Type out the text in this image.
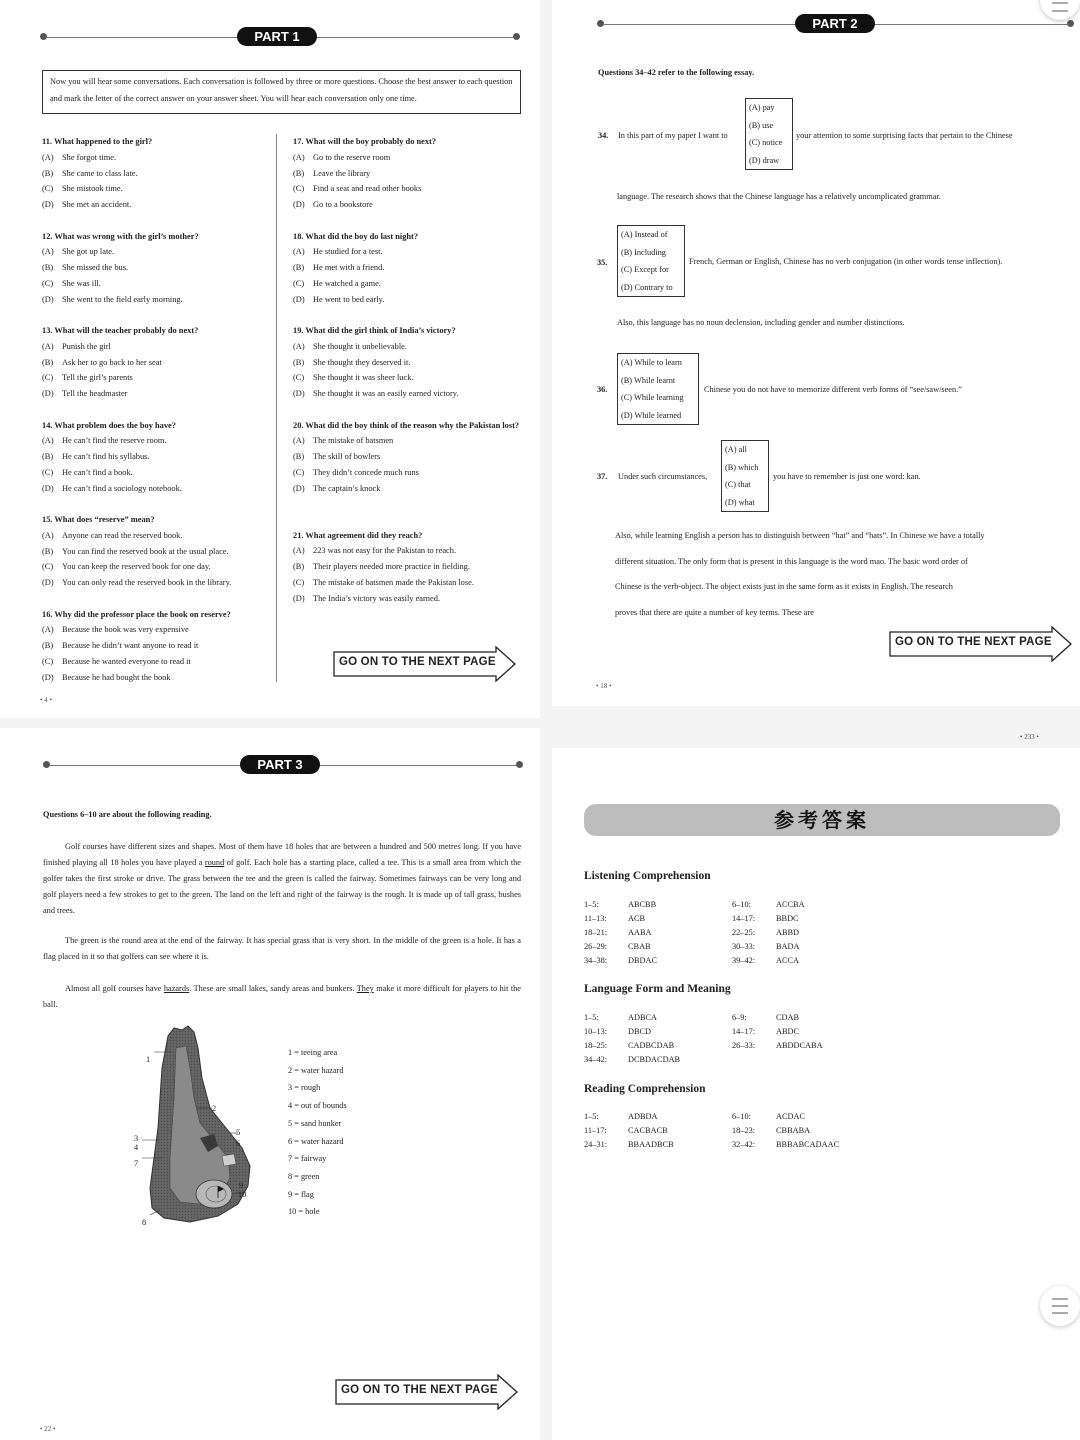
PART 1
Now you will hear some conversations. Each conversation is followed by three or more questions. Choose the best answer to each question and mark the letter of the correct answer on your answer sheet. You will hear each conversation only one time.
11. What happened to the girl?
(A) She forgot time.
(B) She came to class late.
(C) She mistook time.
(D) She met an accident.
12. What was wrong with the girl’s mother?
(A) She got up late.
(B) She missed the bus.
(C) She was ill.
(D) She went to the field early morning.
13. What will the teacher probably do next?
(A) Punish the girl
(B) Ask her to go back to her seat
(C) Tell the girl’s parents
(D) Tell the headmaster
14. What problem does the boy have?
(A) He can’t find the reserve room.
(B) He can’t find his syllabus.
(C) He can’t find a book.
(D) He can’t find a sociology notebook.
15. What does “reserve” mean?
(A) Anyone can read the reserved book.
(B) You can find the reserved book at the usual place.
(C) You can keep the reserved book for one day.
(D) You can only read the reserved book in the library.
16. Why did the professor place the book on reserve?
(A) Because the book was very expensive
(B) Because he didn’t want anyone to read it
(C) Because he wanted everyone to read it
(D) Because he had bought the book
17. What will the boy probably do next?
(A) Go to the reserve room
(B) Leave the library
(C) Find a seat and read other books
(D) Go to a bookstore
18. What did the boy do last night?
(A) He studied for a test.
(B) He met with a friend.
(C) He watched a game.
(D) He went to bed early.
19. What did the girl think of India’s victory?
(A) She thought it unbelievable.
(B) She thought they deserved it.
(C) She thought it was sheer luck.
(D) She thought it was an easily earned victory.
20. What did the boy think of the reason why the Pakistan lost?
(A) The mistake of batsmen
(B) The skill of bowlers
(C) They didn’t concede much runs
(D) The captain’s knock
21. What agreement did they reach?
(A) 223 was not easy for the Pakistan to reach.
(B) Their players needed more practice in fielding.
(C) The mistake of batsmen made the Pakistan lose.
(D) The India’s victory was easily earned.
GO ON TO THE NEXT PAGE
• 4 •
PART 2
Questions 34–42 refer to the following essay.
34. In this part of my paper I want to
(A) pay
(B) use
(C) notice
(D) draw
your attention to some surprising facts that pertain to the Chinese
language. The research shows that the Chinese language has a relatively uncomplicated grammar.
35.
(A) Instead of
(B) Including
(C) Except for
(D) Contrary to
French, German or English, Chinese has no verb conjugation (in other words tense inflection).
Also, this language has no noun declension, including gender and number distinctions.
36.
(A) While to learn
(B) While learnt
(C) While learning
(D) While learned
Chinese you do not have to memorize different verb forms of “see/saw/seen.”
37. Under such circumstances,
(A) all
(B) which
(C) that
(D) what
you have to remember is just one word: kan.
Also, while learning English a person has to distinguish between “hat” and “hats”. In Chinese we have a totally
different situation. The only form that is present in this language is the word mao. The basic word order of
Chinese is the verb-object. The object exists just in the same form as it exists in English. The research
proves that there are quite a number of key terms. These are
GO ON TO THE NEXT PAGE
• 18 •
PART 3
Questions 6–10 are about the following reading.
Golf courses have different sizes and shapes. Most of them have 18 holes that are between a hundred and 500 metres long. If you have finished playing all 18 holes you have played a round of golf. Each hole has a starting place, called a tee. This is a small area from which the golfer takes the first stroke or drive. The grass between the tee and the green is called the fairway. Sometimes fairways can be very long and golf players need a few strokes to get to the green. The land on the left and right of the fairway is the rough. It is made up of tall grass, bushes and trees.
The green is the round area at the end of the fairway. It has special grass that is very short. In the middle of the green is a hole. It has a flag placed in it so that golfers can see where it is.
Almost all golf courses have hazards. These are small lakes, sandy areas and bunkers. They make it more difficult for players to hit the ball.
1
2
3
4
5
6
7
8
9
10
1 = teeing area
2 = water hazard
3 = rough
4 = out of bounds
5 = sand bunker
6 = water hazard
7 = fairway
8 = green
9 = flag
10 = hole
GO ON TO THE NEXT PAGE
• 22 •
• 233 •
参考答案
Listening Comprehension
1–5:	ABCBB	6–10:	ACCBA
11–13:	ACB	14–17:	BBDC
18–21:	AABA	22–25:	ABBD
26–29:	CBAB	30–33:	BADA
34–38:	DBDAC	39–42:	ACCA
Language Form and Meaning
1–5:	ADBCA	6–9:	CDAB
10–13:	DBCD	14–17:	ABDC
18–25:	CADBCDAB	26–33:	ABDDCABA
34–42:	DCBDACDAB
Reading Comprehension
1–5:	ADBDA	6–10:	ACDAC
11–17:	CACBACB	18–23:	CBBABA
24–31:	BBAADBCB	32–42:	BBBABCADAAC
